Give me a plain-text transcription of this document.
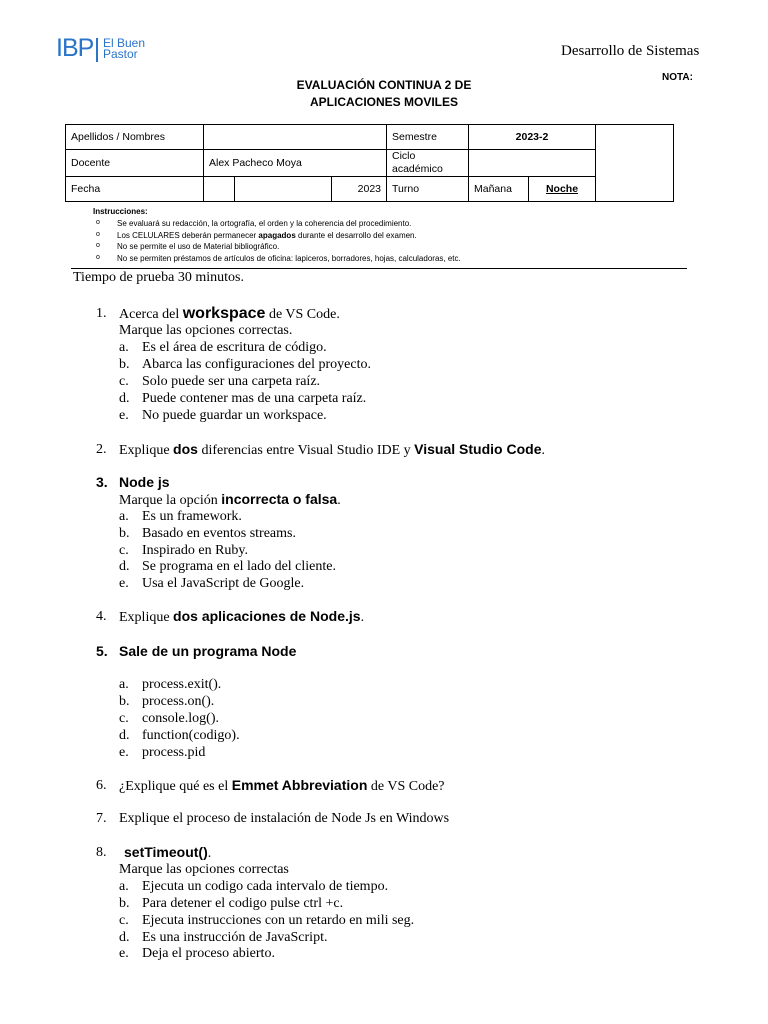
IBP El Buen
Pastor	Desarrollo de Sistemas
NOTA:
EVALUACIÓN CONTINUA 2 DE
APLICACIONES MOVILES
Apellidos / Nombres				Semestre	2023-2		
Docente	Alex Pacheco Moya			Ciclo académico			
Fecha			2023	Turno	Mañana	Noche	
Instrucciones:
o Se evaluará su redacción, la ortografía, el orden y la coherencia del procedimiento.
o Los CELULARES deberán permanecer apagados durante el desarrollo del examen.
o No se permite el uso de Material bibliográfico.
o No se permiten préstamos de artículos de oficina: lapiceros, borradores, hojas, calculadoras, etc.
Tiempo de prueba 30 minutos.
1. Acerca del workspace de VS Code.
Marque las opciones correctas.
a. Es el área de escritura de código.
b. Abarca las configuraciones del proyecto.
c. Solo puede ser una carpeta raíz.
d. Puede contener mas de una carpeta raíz.
e. No puede guardar un workspace.
2. Explique dos diferencias entre Visual Studio IDE y Visual Studio Code.
3. Node js
Marque la opción incorrecta o falsa.
a. Es un framework.
b. Basado en eventos streams.
c. Inspirado en Ruby.
d. Se programa en el lado del cliente.
e. Usa el JavaScript de Google.
4. Explique dos aplicaciones de Node.js.
5. Sale de un programa Node
a. process.exit().
b. process.on().
c. console.log().
d. function(codigo).
e. process.pid
6. ¿Explique qué es el Emmet Abbreviation de VS Code?
7. Explique el proceso de instalación de Node Js en Windows
8. setTimeout().
Marque las opciones correctas
a. Ejecuta un codigo cada intervalo de tiempo.
b. Para detener el codigo pulse ctrl +c.
c. Ejecuta instrucciones con un retardo en mili seg.
d. Es una instrucción de JavaScript.
e. Deja el proceso abierto.
